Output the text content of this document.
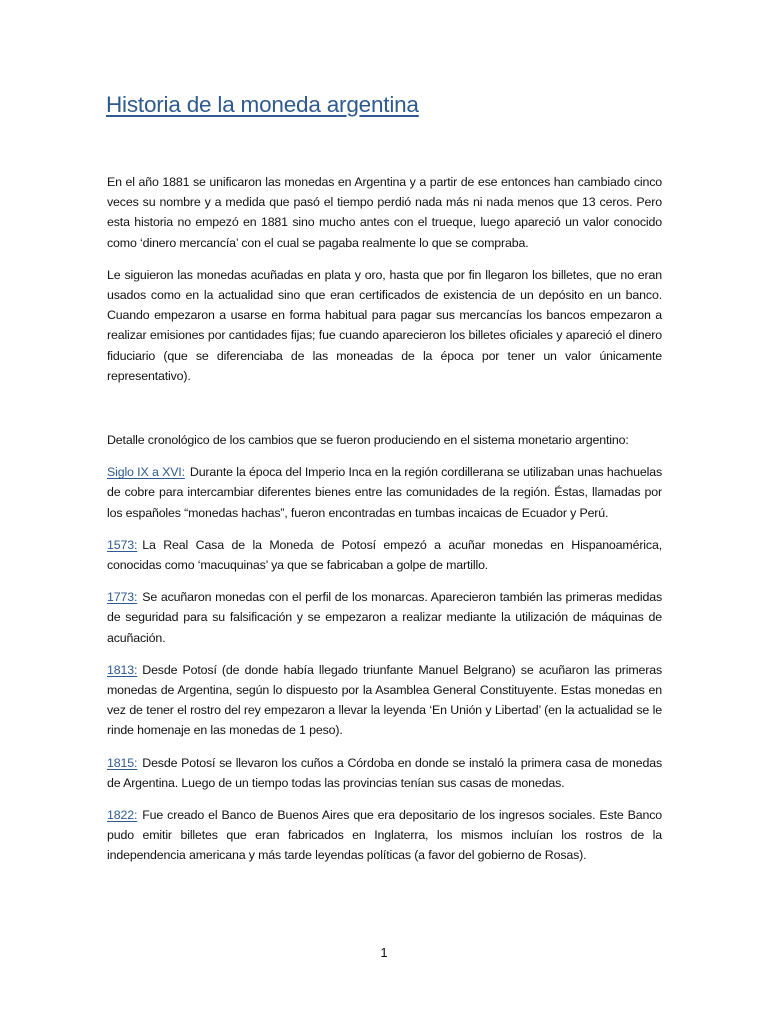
Historia de la moneda argentina

En el año 1881 se unificaron las monedas en Argentina y a partir de ese entonces han cambiado cinco veces su nombre y a medida que pasó el tiempo perdió nada más ni nada menos que 13 ceros. Pero esta historia no empezó en 1881 sino mucho antes con el trueque, luego apareció un valor conocido como ‘dinero mercancía’ con el cual se pagaba realmente lo que se compraba.

Le siguieron las monedas acuñadas en plata y oro, hasta que por fin llegaron los billetes, que no eran usados como en la actualidad sino que eran certificados de existencia de un depósito en un banco. Cuando empezaron a usarse en forma habitual para pagar sus mercancías los bancos empezaron a realizar emisiones por cantidades fijas; fue cuando aparecieron los billetes oficiales y apareció el dinero fiduciario (que se diferenciaba de las moneadas de la época por tener un valor únicamente representativo).

Detalle cronológico de los cambios que se fueron produciendo en el sistema monetario argentino:

Siglo IX a XVI: Durante la época del Imperio Inca en la región cordillerana se utilizaban unas hachuelas de cobre para intercambiar diferentes bienes entre las comunidades de la región. Éstas, llamadas por los españoles “monedas hachas”, fueron encontradas en tumbas incaicas de Ecuador y Perú.

1573: La Real Casa de la Moneda de Potosí empezó a acuñar monedas en Hispanoamérica, conocidas como ‘macuquinas’ ya que se fabricaban a golpe de martillo.

1773: Se acuñaron monedas con el perfil de los monarcas. Aparecieron también las primeras medidas de seguridad para su falsificación y se empezaron a realizar mediante la utilización de máquinas de acuñación.

1813: Desde Potosí (de donde había llegado triunfante Manuel Belgrano) se acuñaron las primeras monedas de Argentina, según lo dispuesto por la Asamblea General Constituyente. Estas monedas en vez de tener el rostro del rey empezaron a llevar la leyenda ‘En Unión y Libertad’ (en la actualidad se le rinde homenaje en las monedas de 1 peso).

1815: Desde Potosí se llevaron los cuños a Córdoba en donde se instaló la primera casa de monedas de Argentina. Luego de un tiempo todas las provincias tenían sus casas de monedas.

1822: Fue creado el Banco de Buenos Aires que era depositario de los ingresos sociales. Este Banco pudo emitir billetes que eran fabricados en Inglaterra, los mismos incluían los rostros de la independencia americana y más tarde leyendas políticas (a favor del gobierno de Rosas).

1
